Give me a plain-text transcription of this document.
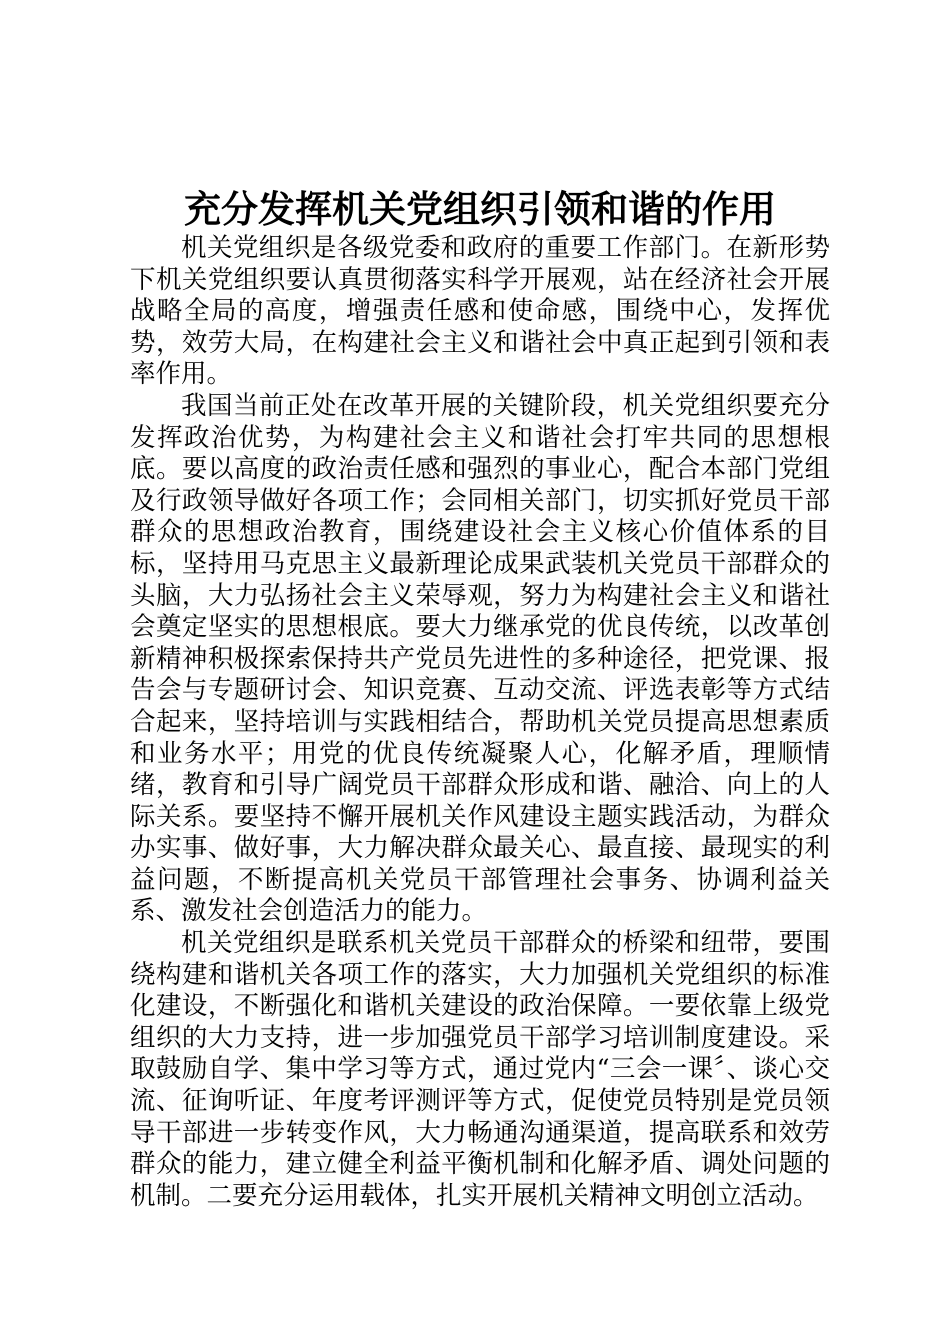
充分发挥机关党组织引领和谐的作用

机关党组织是各级党委和政府的重要工作部门。在新形势下机关党组织要认真贯彻落实科学开展观，站在经济社会开展战略全局的高度，增强责任感和使命感，围绕中心，发挥优势，效劳大局，在构建社会主义和谐社会中真正起到引领和表率作用。

我国当前正处在改革开展的关键阶段，机关党组织要充分发挥政治优势，为构建社会主义和谐社会打牢共同的思想根底。要以高度的政治责任感和强烈的事业心，配合本部门党组及行政领导做好各项工作；会同相关部门，切实抓好党员干部群众的思想政治教育，围绕建设社会主义核心价值体系的目标，坚持用马克思主义最新理论成果武装机关党员干部群众的头脑，大力弘扬社会主义荣辱观，努力为构建社会主义和谐社会奠定坚实的思想根底。要大力继承党的优良传统，以改革创新精神积极探索保持共产党员先进性的多种途径，把党课、报告会与专题研讨会、知识竞赛、互动交流、评选表彰等方式结合起来，坚持培训与实践相结合，帮助机关党员提高思想素质和业务水平；用党的优良传统凝聚人心，化解矛盾，理顺情绪，教育和引导广阔党员干部群众形成和谐、融洽、向上的人际关系。要坚持不懈开展机关作风建设主题实践活动，为群众办实事、做好事，大力解决群众最关心、最直接、最现实的利益问题，不断提高机关党员干部管理社会事务、协调利益关系、激发社会创造活力的能力。

机关党组织是联系机关党员干部群众的桥梁和纽带，要围绕构建和谐机关各项工作的落实，大力加强机关党组织的标准化建设，不断强化和谐机关建设的政治保障。一要依靠上级党组织的大力支持，进一步加强党员干部学习培训制度建设。采取鼓励自学、集中学习等方式，通过党内“三会一课〞、谈心交流、征询听证、年度考评测评等方式，促使党员特别是党员领导干部进一步转变作风，大力畅通沟通渠道，提高联系和效劳群众的能力，建立健全利益平衡机制和化解矛盾、调处问题的机制。二要充分运用载体，扎实开展机关精神文明创立活动。
